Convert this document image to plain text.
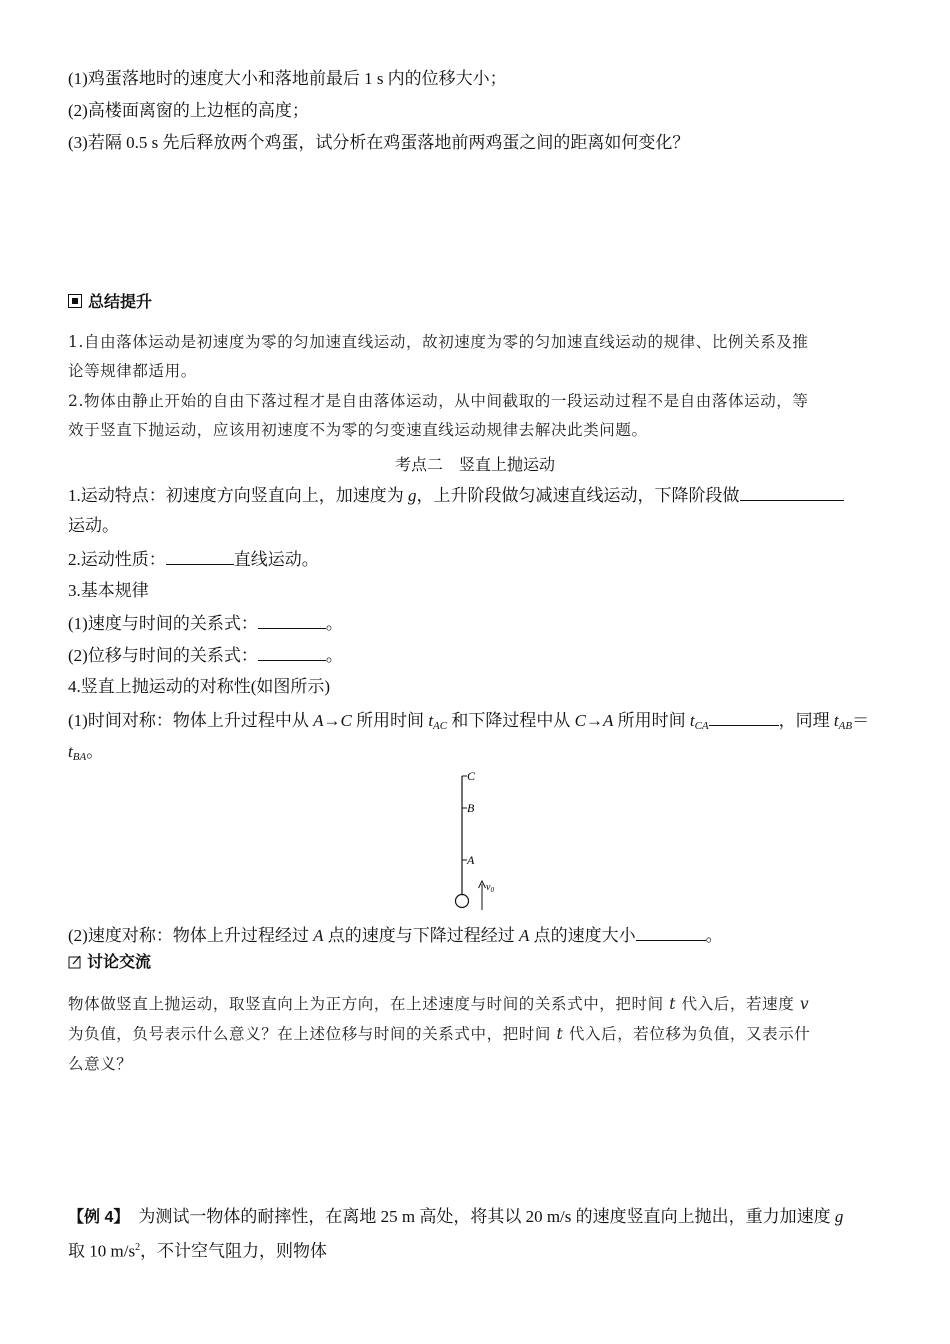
(1)鸡蛋落地时的速度大小和落地前最后 1 s 内的位移大小；
(2)高楼面离窗的上边框的高度；
(3)若隔 0.5 s 先后释放两个鸡蛋，试分析在鸡蛋落地前两鸡蛋之间的距离如何变化？
总结提升
1.自由落体运动是初速度为零的匀加速直线运动，故初速度为零的匀加速直线运动的规律、比例关系及推
论等规律都适用。
2.物体由静止开始的自由下落过程才是自由落体运动，从中间截取的一段运动过程不是自由落体运动，等
效于竖直下抛运动，应该用初速度不为零的匀变速直线运动规律去解决此类问题。
考点二　竖直上抛运动
1.运动特点：初速度方向竖直向上，加速度为 g，上升阶段做匀减速直线运动，下降阶段做
运动。
2.运动性质：	直线运动。
3.基本规律
(1)速度与时间的关系式：	。
(2)位移与时间的关系式：	。
4.竖直上抛运动的对称性(如图所示)
(1)时间对称：物体上升过程中从 A→C 所用时间 $t_{AC}$ 和下降过程中从 C→A 所用时间 $t_{CA}$	，同理 $t_{AB}=$
$t_{BA}$。
C
B
A
$v_0$
(2)速度对称：物体上升过程经过 A 点的速度与下降过程经过 A 点的速度大小	。
讨论交流
物体做竖直上抛运动，取竖直向上为正方向，在上述速度与时间的关系式中，把时间 t 代入后，若速度 v
为负值，负号表示什么意义？在上述位移与时间的关系式中，把时间 t 代入后，若位移为负值，又表示什
么意义？
【例 4】　为测试一物体的耐摔性，在离地 25 m 高处，将其以 20 m/s 的速度竖直向上抛出，重力加速度 g
取 10 $m/s^2$，不计空气阻力，则物体
